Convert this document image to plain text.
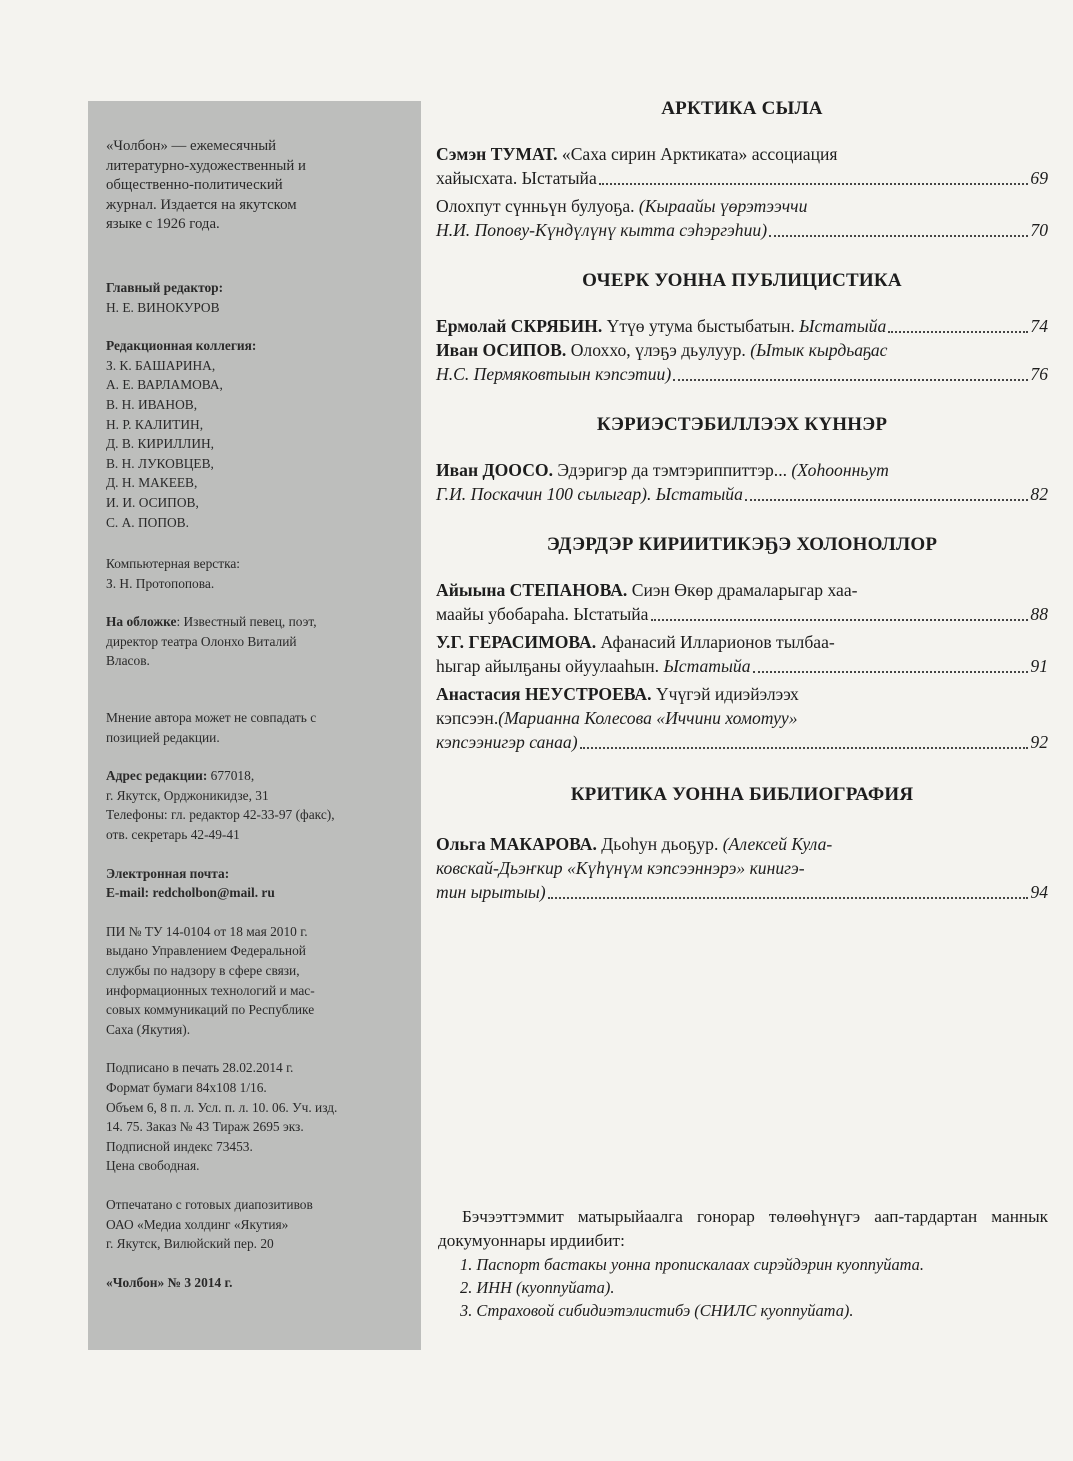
«Чолбон» — ежемесячный
литературно-художественный и
общественно-политический
журнал. Издается на якутском
языке с 1926 года.
Главный редактор:
Н. Е. ВИНОКУРОВ
Редакционная коллегия:
З. К. БАШАРИНА,
А. Е. ВАРЛАМОВА,
В. Н. ИВАНОВ,
Н. Р. КАЛИТИН,
Д. В. КИРИЛЛИН,
В. Н. ЛУКОВЦЕВ,
Д. Н. МАКЕЕВ,
И. И. ОСИПОВ,
С. А. ПОПОВ.
Компьютерная верстка:
З. Н. Протопопова.
На обложке: Известный певец, поэт,
директор театра Олонхо Виталий
Власов.
Мнение автора может не совпадать с
позицией редакции.
Адрес редакции: 677018,
г. Якутск, Орджоникидзе, 31
Телефоны: гл. редактор 42-33-97 (факс),
отв. секретарь 42-49-41
Электронная почта:
E-mail: redcholbon@mail. ru
ПИ № ТУ 14-0104 от 18 мая 2010 г.
выдано Управлением Федеральной
службы по надзору в сфере связи,
информационных технологий и мас-
совых коммуникаций по Республике
Саха (Якутия).
Подписано в печать 28.02.2014 г.
Формат бумаги 84х108 1/16.
Объем 6, 8 п. л. Усл. п. л. 10. 06. Уч. изд.
14. 75. Заказ № 43 Тираж 2695 экз.
Подписной индекс 73453.
Цена свободная.
Отпечатано с готовых диапозитивов
ОАО «Медиа холдинг «Якутия»
г. Якутск, Вилюйский пер. 20
«Чолбон» № 3 2014 г.
АРКТИКА СЫЛА
Сэмэн ТУМАТ. «Саха сирин Арктиката» ассоциация
хайысхата. Ыстатыйа	69
Олохпут сүнньүн булуоҕа. (Кыраайы үөрэтээччи
Н.И. Попову-Күндүлүнү кытта сэһэргэһии)	70
ОЧЕРК УОННА ПУБЛИЦИСТИКА
Ермолай СКРЯБИН. Үтүө утума быстыбатын. Ыстатыйа	74
Иван ОСИПОВ. Олоххо, үлэҕэ дьулуур. (Ытык кырдьаҕас
Н.С. Пермяковтыын кэпсэтии)	76
КЭРИЭСТЭБИЛЛЭЭХ КҮННЭР
Иван ДООСО. Эдэригэр да тэмтэриппиттэр... (Хоһоонньут
Г.И. Поскачин 100 сылыгар). Ыстатыйа	82
ЭДЭРДЭР КИРИИТИКЭҔЭ ХОЛОНОЛЛОР
Айыына СТЕПАНОВА. Сиэн Өкөр драмаларыгар хаа-
маайы убобараһа. Ыстатыйа	88
У.Г. ГЕРАСИМОВА. Афанасий Илларионов тылбаа-
һыгар айылҕаны ойуулааһын. Ыстатыйа	91
Анастасия НЕУСТРОЕВА. Үчүгэй идиэйэлээх
кэпсээн.(Марианна Колесова «Иччини хомотуу»
кэпсээнигэр санаа)	92
КРИТИКА УОННА БИБЛИОГРАФИЯ
Ольга МАКАРОВА. Дьоһун дьоҕур. (Алексей Кула-
ковскай-Дьэҥкир «Күһүнүм кэпсээннэрэ» кинигэ-
тин ырытыы)	94
Бэчээттэммит матырыйаалга гонорар төлөөһүнүгэ аап-тардартан маннык докумуоннары ирдиибит:
1. Паспорт бастакы уонна пропискалаах сирэйдэрин куоппуйата.
2. ИНН (куоппуйата).
3. Страховой сибидиэтэлистибэ (СНИЛС куоппуйата).
